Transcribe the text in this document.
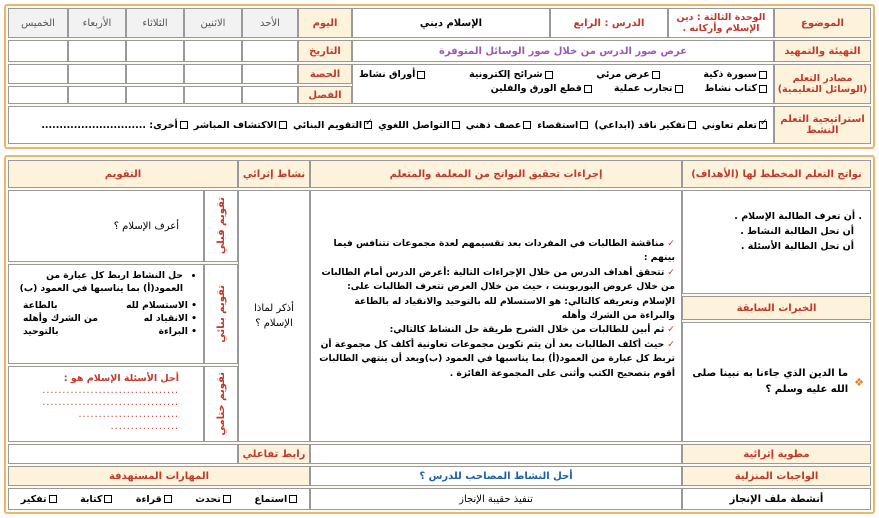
الموضوع
الوحدة الثالثة : دين الإسلام وأركانه .
الدرس :

الرابع
الإسلام ديني
اليوم
الأحد
الاثنين
الثلاثاء
الأربعاء
الخميس
التهيئة والتمهيد
عرض صور الدرس من خلال صور الوسائل المتوفرة
التاريخ
مصادر التعلم (الوسائل التعليمية)
سبورة ذكية
عرض مرئي
شرائح إلكترونية
أوراق نشاط
كتاب نشاط
تجارب عملية
قطع الورق والفلين
الحصة
الفصل
استراتيجية التعلم النشط
✓
تعلم تعاوني
تفكير ناقد (ابداعي)
استقصاء
عصف ذهني
التواصل اللغوي
✓
التقويم البنائي
الاكتشاف المباشر
أخرى: .............................
نواتج التعلم المخطط لها (الأهداف)
إجراءات تحقيق النواتج من المعلمة والمتعلم
نشاط إثرائي
التقويم
. أن تعرف الطالبة الإسلام .
أن تحل الطالبة النشاط .
أن تحل الطالبة الأسئلة .
الخبرات السابقة
❖
ما الدين الذي جاءنا به نبينا صلى الله عليه وسلم ؟
✓مناقشة الطالبات في المفردات بعد تقسيمهم لعدة مجموعات تتنافس فيما بينهم :
✓تتحقق أهداف الدرس من خلال الإجراءات التالية :أعرض الدرس أمام الطالبات من خلال عروض البوربوينت ، حيث من خلال العرض تتعرف الطالبات على: الإسلام وتعريفه كالتالي: هو الاستسلام لله بالتوحيد والانقياد له بالطاعة والبراءة من الشرك وأهله
✓ثم أبين للطالبات من خلال الشرح طريقة حل النشاط كالتالي:
✓حيث أكلف الطالبات بعد أن يتم تكوين مجموعات تعاونية أكلف كل مجموعة أن تربط كل عبارة من العمود(أ) بما يناسبها في العمود (ب)وبعد أن ينتهي الطالبات أقوم بتصحيح الكتب وأثنى على المجموعة الفائزة .
أذكر لماذا الإسلام ؟
تقويم قبلي
أعرف الإسلام ؟
تقويم بنائي
• حل النشاط اربط كل عبارة من العمود(أ) بما يناسبها في العمود (ب)
• الاستسلام لله
بالطاعة
• الانقياد له
من الشرك وأهله
• البراءة
بالتوحيد
تقويم ختامي
أحل الأسئلة الإسلام هو :
..................................
..................................
.........................
.................
مطوية إثرائية
رابط تفاعلي
الواجبات المنزلية
أحل النشاط المصاحب للدرس ؟
المهارات المستهدفة
أنشطة ملف الإنجاز
تنفيذ حقيبة الإنجاز
استماع
تحدث
قراءة
كتابة
تفكير
